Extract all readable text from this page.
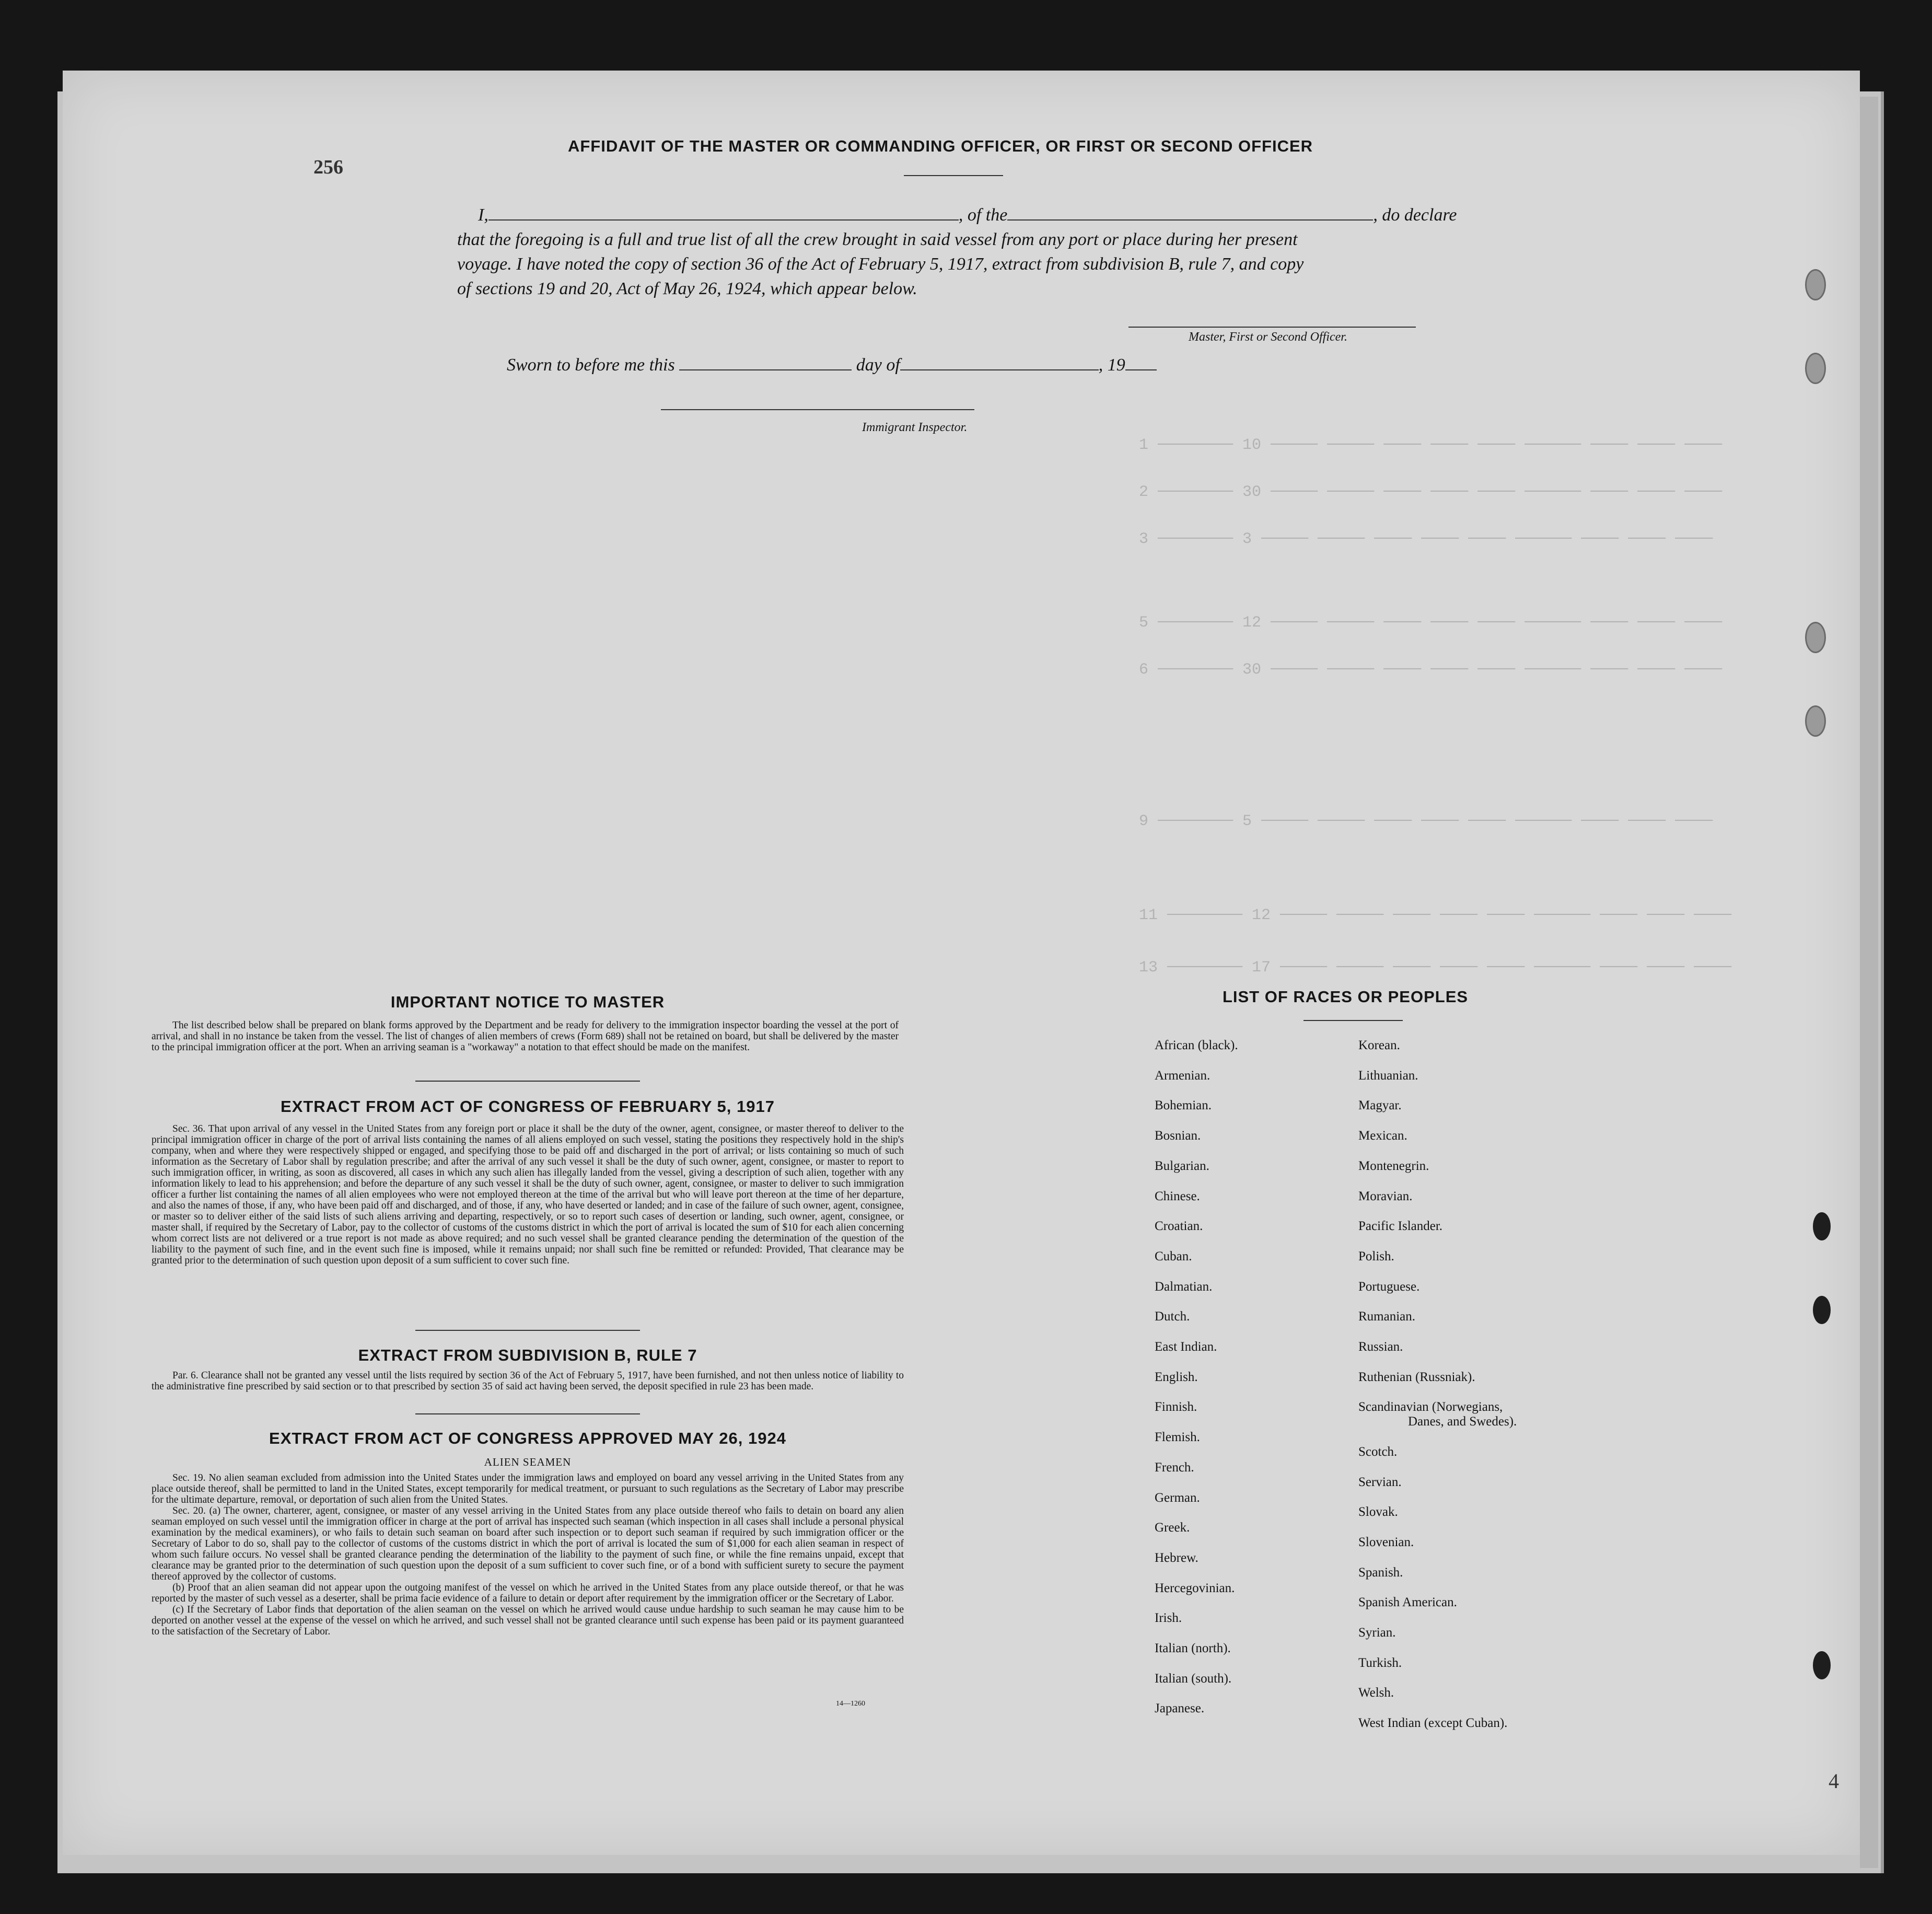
1 ──────── 10 ───── ───── ──── ──── ──── ────── ──── ──── ────
2 ──────── 30 ───── ───── ──── ──── ──── ────── ──── ──── ────
3 ──────── 3 ───── ───── ──── ──── ──── ────── ──── ──── ────
5 ──────── 12 ───── ───── ──── ──── ──── ────── ──── ──── ────
6 ──────── 30 ───── ───── ──── ──── ──── ────── ──── ──── ────
9 ──────── 5 ───── ───── ──── ──── ──── ────── ──── ──── ────
11 ──────── 12 ───── ───── ──── ──── ──── ────── ──── ──── ────
13 ──────── 17 ───── ───── ──── ──── ──── ────── ──── ──── ────
256
AFFIDAVIT OF THE MASTER OR COMMANDING OFFICER, OR FIRST OR SECOND OFFICER
I,	, of the	, do declare
that the foregoing is a full and true list of all the crew brought in said vessel from any port or place during her present
voyage. I have noted the copy of section 36 of the Act of February 5, 1917, extract from subdivision B, rule 7, and copy
of sections 19 and 20, Act of May 26, 1924, which appear below.
Master, First or Second Officer.
Sworn to before me this	day of	, 19
Immigrant Inspector.
IMPORTANT NOTICE TO MASTER

The list described below shall be prepared on blank forms approved by the Department and be ready for delivery to the immigration inspector boarding the vessel at the port of arrival, and shall in no instance be taken from the vessel. The list of changes of alien members of crews (Form 689) shall not be retained on board, but shall be delivered by the master to the principal immigration officer at the port. When an arriving seaman is a "workaway" a notation to that effect should be made on the manifest.

EXTRACT FROM ACT OF CONGRESS OF FEBRUARY 5, 1917

Sec. 36. That upon arrival of any vessel in the United States from any foreign port or place it shall be the duty of the owner, agent, consignee, or master thereof to deliver to the principal immigration officer in charge of the port of arrival lists containing the names of all aliens employed on such vessel, stating the positions they respectively hold in the ship's company, when and where they were respectively shipped or engaged, and specifying those to be paid off and discharged in the port of arrival; or lists containing so much of such information as the Secretary of Labor shall by regulation prescribe; and after the arrival of any such vessel it shall be the duty of such owner, agent, consignee, or master to report to such immigration officer, in writing, as soon as discovered, all cases in which any such alien has illegally landed from the vessel, giving a description of such alien, together with any information likely to lead to his apprehension; and before the departure of any such vessel it shall be the duty of such owner, agent, consignee, or master to deliver to such immigration officer a further list containing the names of all alien employees who were not employed thereon at the time of the arrival but who will leave port thereon at the time of her departure, and also the names of those, if any, who have been paid off and discharged, and of those, if any, who have deserted or landed; and in case of the failure of such owner, agent, consignee, or master so to deliver either of the said lists of such aliens arriving and departing, respectively, or so to report such cases of desertion or landing, such owner, agent, consignee, or master shall, if required by the Secretary of Labor, pay to the collector of customs of the customs district in which the port of arrival is located the sum of $10 for each alien concerning whom correct lists are not delivered or a true report is not made as above required; and no such vessel shall be granted clearance pending the determination of the question of the liability to the payment of such fine, and in the event such fine is imposed, while it remains unpaid; nor shall such fine be remitted or refunded: Provided, That clearance may be granted prior to the determination of such question upon deposit of a sum sufficient to cover such fine.

EXTRACT FROM SUBDIVISION B, RULE 7

Par. 6. Clearance shall not be granted any vessel until the lists required by section 36 of the Act of February 5, 1917, have been furnished, and not then unless notice of liability to the administrative fine prescribed by said section or to that prescribed by section 35 of said act having been served, the deposit specified in rule 23 has been made.

EXTRACT FROM ACT OF CONGRESS APPROVED MAY 26, 1924
ALIEN SEAMEN

Sec. 19. No alien seaman excluded from admission into the United States under the immigration laws and employed on board any vessel arriving in the United States from any place outside thereof, shall be permitted to land in the United States, except temporarily for medical treatment, or pursuant to such regulations as the Secretary of Labor may prescribe for the ultimate departure, removal, or deportation of such alien from the United States.

Sec. 20. (a) The owner, charterer, agent, consignee, or master of any vessel arriving in the United States from any place outside thereof who fails to detain on board any alien seaman employed on such vessel until the immigration officer in charge at the port of arrival has inspected such seaman (which inspection in all cases shall include a personal physical examination by the medical examiners), or who fails to detain such seaman on board after such inspection or to deport such seaman if required by such immigration officer or the Secretary of Labor to do so, shall pay to the collector of customs of the customs district in which the port of arrival is located the sum of $1,000 for each alien seaman in respect of whom such failure occurs. No vessel shall be granted clearance pending the determination of the liability to the payment of such fine, or while the fine remains unpaid, except that clearance may be granted prior to the determination of such question upon the deposit of a sum sufficient to cover such fine, or of a bond with sufficient surety to secure the payment thereof approved by the collector of customs.

(b) Proof that an alien seaman did not appear upon the outgoing manifest of the vessel on which he arrived in the United States from any place outside thereof, or that he was reported by the master of such vessel as a deserter, shall be prima facie evidence of a failure to detain or deport after requirement by the immigration officer or the Secretary of Labor.

(c) If the Secretary of Labor finds that deportation of the alien seaman on the vessel on which he arrived would cause undue hardship to such seaman he may cause him to be deported on another vessel at the expense of the vessel on which he arrived, and such vessel shall not be granted clearance until such expense has been paid or its payment guaranteed to the satisfaction of the Secretary of Labor.

14—1260
LIST OF RACES OR PEOPLES
African (black).
Armenian.
Bohemian.
Bosnian.
Bulgarian.
Chinese.
Croatian.
Cuban.
Dalmatian.
Dutch.
East Indian.
English.
Finnish.
Flemish.
French.
German.
Greek.
Hebrew.
Hercegovinian.
Irish.
Italian (north).
Italian (south).
Japanese.
Korean.
Lithuanian.
Magyar.
Mexican.
Montenegrin.
Moravian.
Pacific Islander.
Polish.
Portuguese.
Rumanian.
Russian.
Ruthenian (Russniak).
Scandinavian (Norwegians,
Danes, and Swedes).
Scotch.
Servian.
Slovak.
Slovenian.
Spanish.
Spanish American.
Syrian.
Turkish.
Welsh.
West Indian (except Cuban).
4
